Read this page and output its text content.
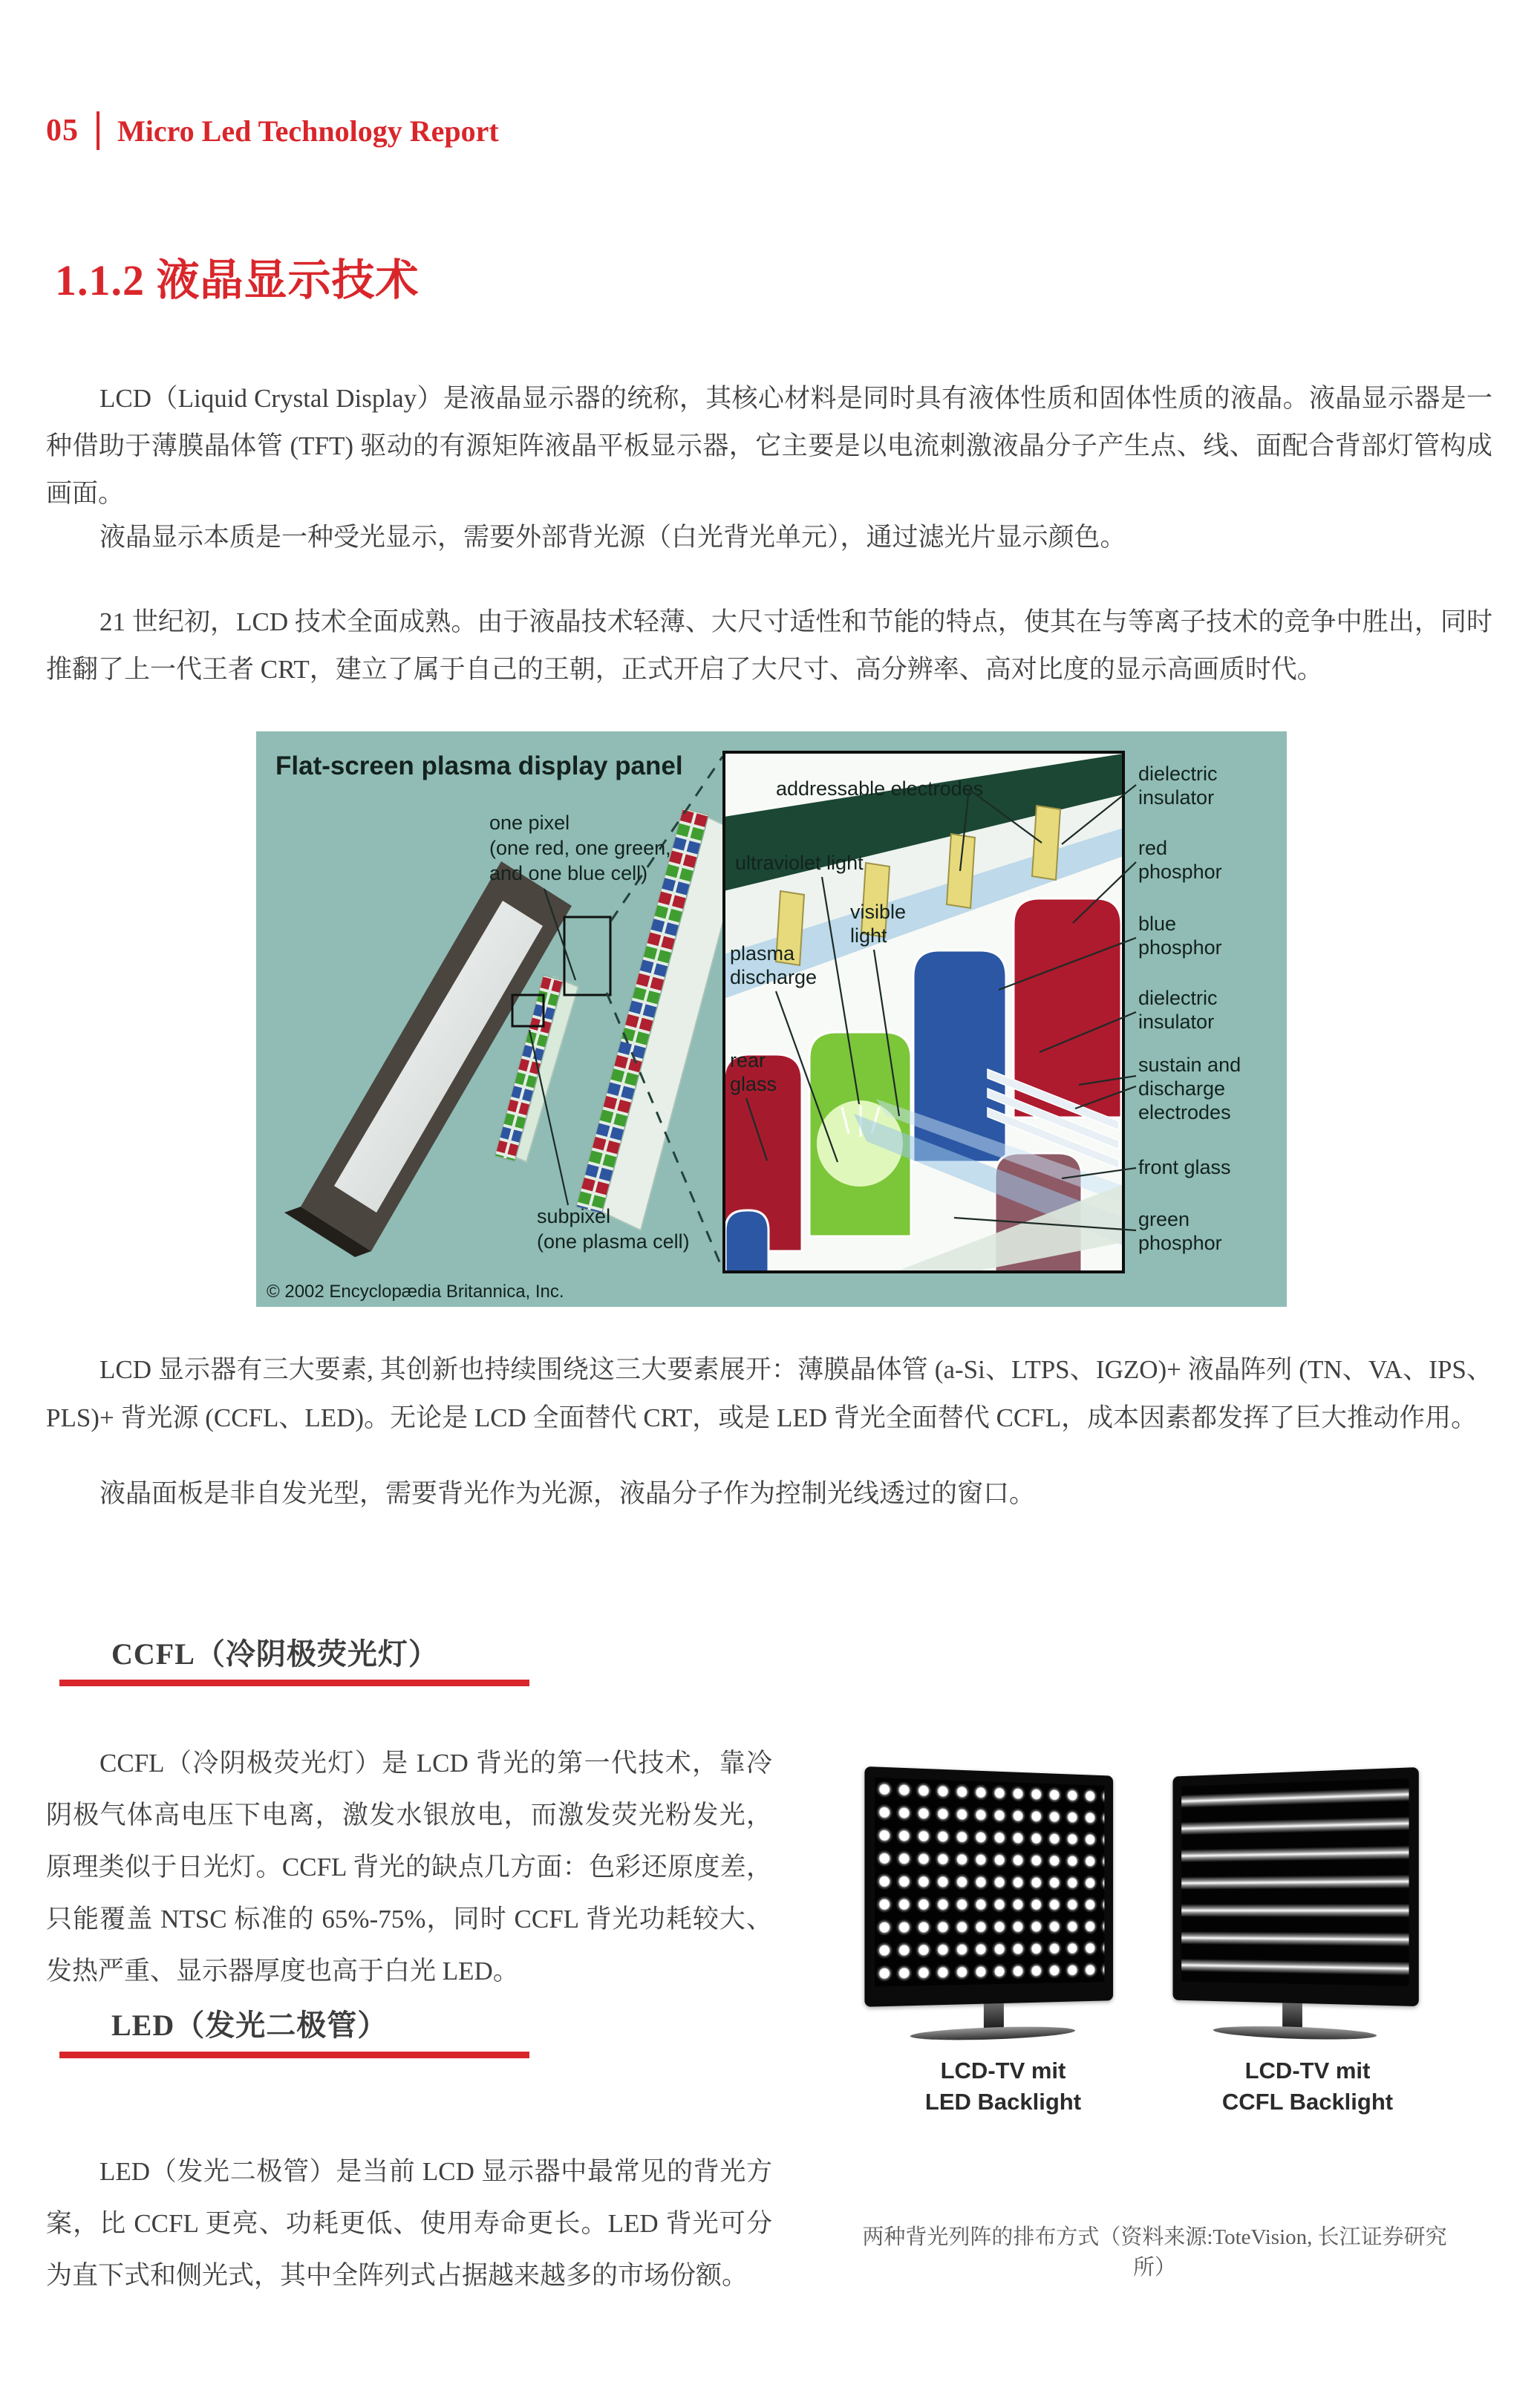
05 Micro Led Technology Report
1.1.2 液晶显示技术
LCD（Liquid Crystal Display）是液晶显示器的统称，其核心材料是同时具有液体性质和固体性质的液晶。液晶显示器是一种借助于薄膜晶体管 (TFT) 驱动的有源矩阵液晶平板显示器，它主要是以电流刺激液晶分子产生点、线、面配合背部灯管构成画面。
液晶显示本质是一种受光显示，需要外部背光源（白光背光单元），通过滤光片显示颜色。
21 世纪初，LCD 技术全面成熟。由于液晶技术轻薄、大尺寸适性和节能的特点，使其在与等离子技术的竞争中胜出，同时推翻了上一代王者 CRT，建立了属于自己的王朝，正式开启了大尺寸、高分辨率、高对比度的显示高画质时代。
Flat-screen plasma display panel
one pixel
(one red, one green,
and one blue cell)
subpixel
(one plasma cell)
© 2002 Encyclopædia Britannica, Inc.
addressable electrodes
ultraviolet light
visible
light
plasma
discharge
rear
glass
dielectric
insulator
red
phosphor
blue
phosphor
dielectric
insulator
sustain and
discharge
electrodes
front glass
green
phosphor
LCD 显示器有三大要素, 其创新也持续围绕这三大要素展开：薄膜晶体管 (a-Si、LTPS、IGZO)+ 液晶阵列 (TN、VA、IPS、PLS)+ 背光源 (CCFL、LED)。无论是 LCD 全面替代 CRT，或是 LED 背光全面替代 CCFL，成本因素都发挥了巨大推动作用。
液晶面板是非自发光型，需要背光作为光源，液晶分子作为控制光线透过的窗口。
CCFL（冷阴极荧光灯）
CCFL（冷阴极荧光灯）是 LCD 背光的第一代技术，靠冷阴极气体高电压下电离，激发水银放电，而激发荧光粉发光，原理类似于日光灯。CCFL 背光的缺点几方面：色彩还原度差，只能覆盖 NTSC 标准的 65%-75%，同时 CCFL 背光功耗较大、发热严重、显示器厚度也高于白光 LED。
LED（发光二极管）
LED（发光二极管）是当前 LCD 显示器中最常见的背光方案，比 CCFL 更亮、功耗更低、使用寿命更长。LED 背光可分为直下式和侧光式，其中全阵列式占据越来越多的市场份额。
LCD-TV mit
LED Backlight
LCD-TV mit
CCFL Backlight
两种背光列阵的排布方式（资料来源:ToteVision, 长江证券研究所）
